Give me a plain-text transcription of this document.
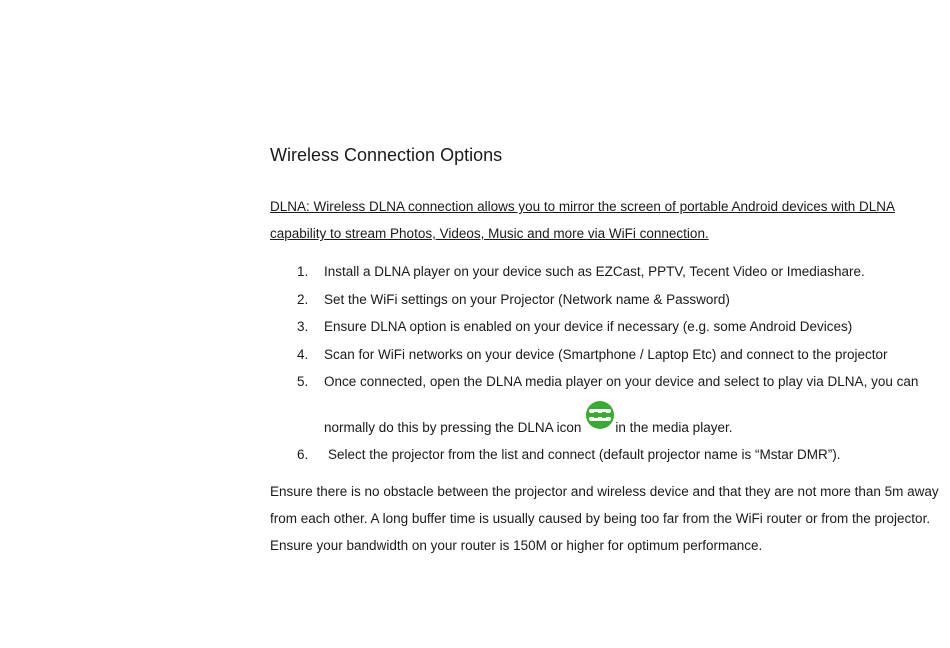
Wireless Connection Options

DLNA: Wireless DLNA connection allows you to mirror the screen of portable Android devices with DLNA capability to stream Photos, Videos, Music and more via WiFi connection.

1. Install a DLNA player on your device such as EZCast, PPTV, Tecent Video or Imediashare.
2. Set the WiFi settings on your Projector (Network name & Password)
3. Ensure DLNA option is enabled on your device if necessary (e.g. some Android Devices)
4. Scan for WiFi networks on your device (Smartphone / Laptop Etc) and connect to the projector
5. Once connected, open the DLNA media player on your device and select to play via DLNA, you can
normally do this by pressing the DLNA icon	in the media player.
6. Select the projector from the list and connect (default projector name is “Mstar DMR”).

Ensure there is no obstacle between the projector and wireless device and that they are not more than 5m away
from each other. A long buffer time is usually caused by being too far from the WiFi router or from the projector.
Ensure your bandwidth on your router is 150M or higher for optimum performance.
